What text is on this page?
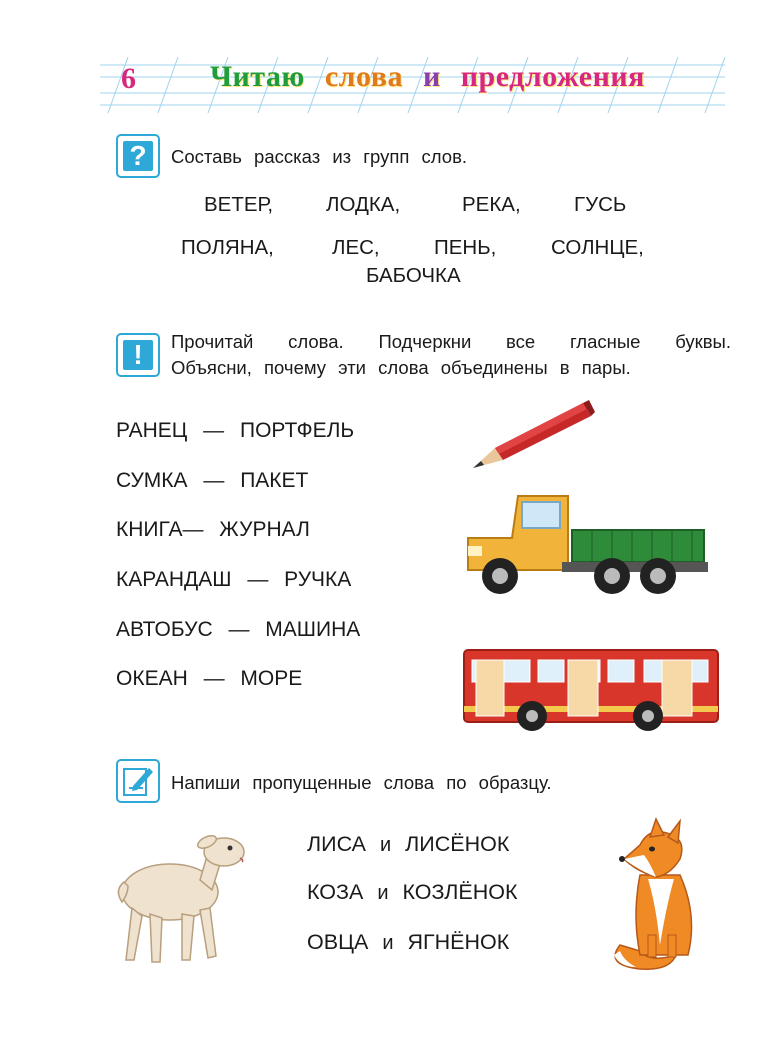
6 Читаю слова и предложения
?	Составь рассказ из групп слов.
ВЕТЕР,	ЛОДКА,	РЕКА,	ГУСЬ
ПОЛЯНА,	ЛЕС,	ПЕНЬ,	СОЛНЦЕ,
БАБОЧКА
!	Прочитай слова. Подчеркни все гласные буквы.
Объясни, почему эти слова объединены в пары.
РАНЕЦ — ПОРТФЕЛЬ
СУМКА — ПАКЕТ
КНИГА— ЖУРНАЛ
КАРАНДАШ — РУЧКА
АВТОБУС — МАШИНА
ОКЕАН — МОРЕ
Напиши пропущенные слова по образцу.
ЛИСА и ЛИСЁНОК
КОЗА и КОЗЛЁНОК
ОВЦА и ЯГНЁНОК
